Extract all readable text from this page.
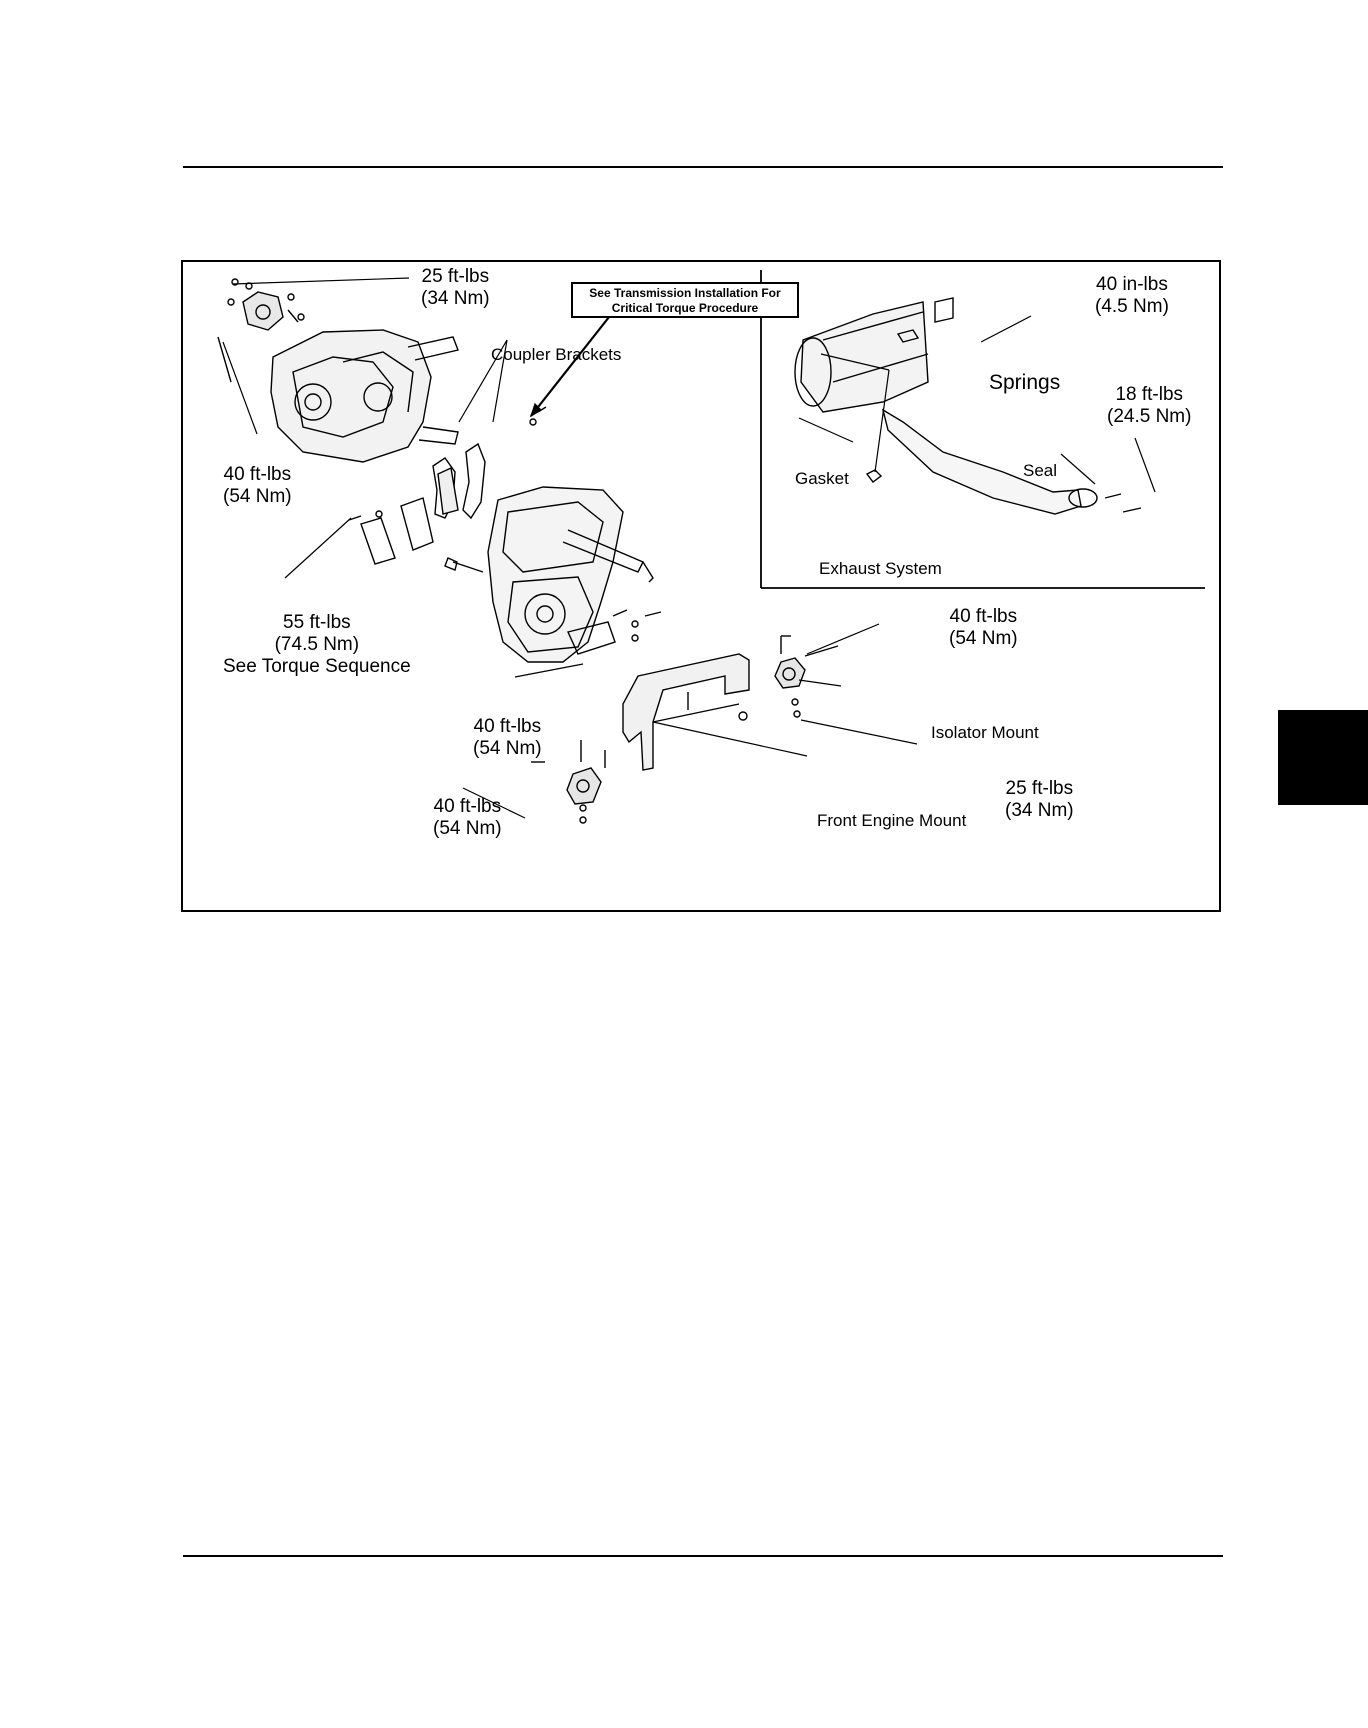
See Transmission Installation For
Critical Torque Procedure
25 ft-lbs
(34 Nm)
Coupler Brackets
40 ft-lbs
(54 Nm)
55 ft-lbs
(74.5 Nm)
See Torque Sequence
40 ft-lbs
(54 Nm)
40 ft-lbs
(54 Nm)
40 ft-lbs
(54 Nm)
Isolator Mount
25 ft-lbs
(34 Nm)
Front Engine Mount
40 in-lbs
(4.5 Nm)
Springs
18 ft-lbs
(24.5 Nm)
Seal
Gasket
Exhaust System
